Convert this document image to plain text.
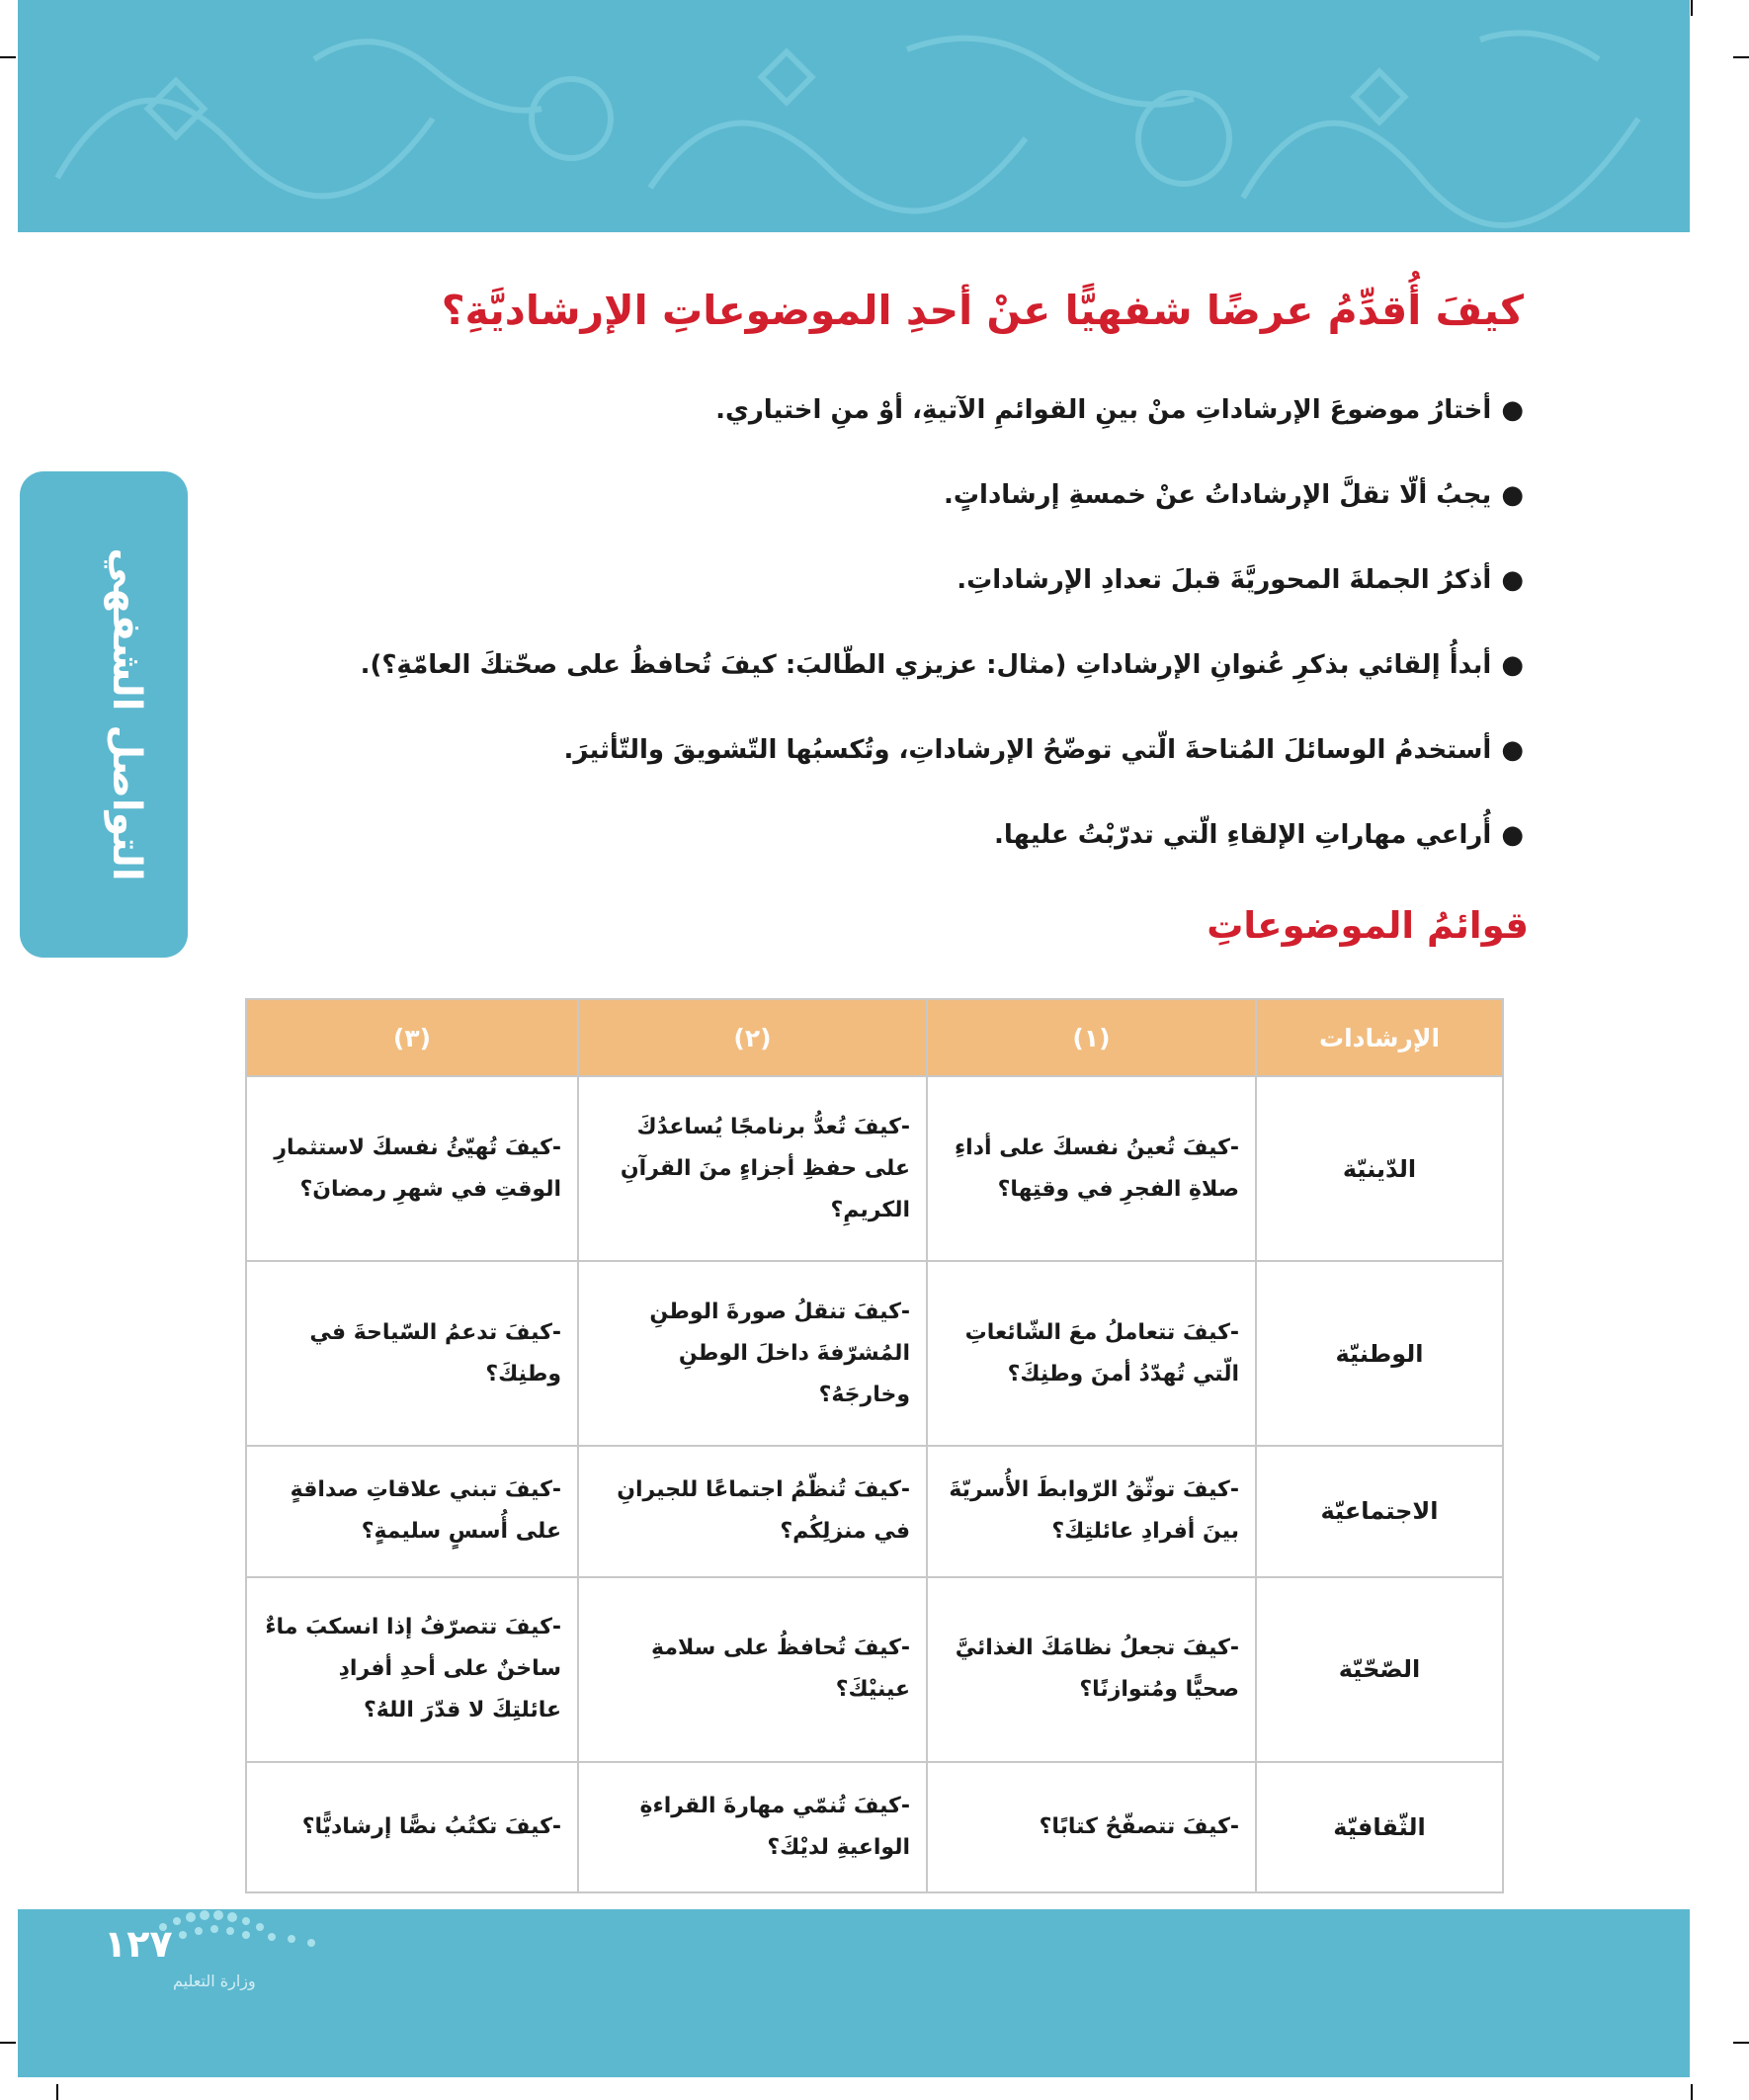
التواصل الشفهي
كيفَ أُقدِّمُ عرضًا شفهيًّا عنْ أحدِ الموضوعاتِ الإرشاديَّةِ؟
●أختارُ موضوعَ الإرشاداتِ منْ بينِ القوائمِ الآتيةِ، أوْ منِ اختياري.
●يجبُ ألّا تقلَّ الإرشاداتُ عنْ خمسةِ إرشاداتٍ.
●أذكرُ الجملةَ المحوريَّةَ قبلَ تعدادِ الإرشاداتِ.
●أبدأُ إلقائي بذكرِ عُنوانِ الإرشاداتِ (مثال: عزيزي الطّالبَ: كيفَ تُحافظُ على صحّتكَ العامّةِ؟).
●أستخدمُ الوسائلَ المُتاحةَ الّتي توضّحُ الإرشاداتِ، وتُكسبُها التّشويقَ والتّأثيرَ.
●أُراعي مهاراتِ الإلقاءِ الّتي تدرّبْتُ عليها.
قوائمُ الموضوعاتِ
الإرشادات	(١)	(٢)	(٣)
الدّينيّة	-كيفَ تُعينُ نفسكَ على أداءِ صلاةِ الفجرِ في وقتِها؟	-كيفَ تُعدُّ برنامجًا يُساعدُكَ على حفظِ أجزاءٍ منَ القرآنِ الكريمِ؟	-كيفَ تُهيّئُ نفسكَ لاستثمارِ الوقتِ في شهرِ رمضانَ؟
الوطنيّة	-كيفَ تتعاملُ معَ الشّائعاتِ الّتي تُهدّدُ أمنَ وطنِكَ؟	-كيفَ تنقلُ صورةَ الوطنِ المُشرّفةَ داخلَ الوطنِ وخارجَهُ؟	-كيفَ تدعمُ السّياحةَ في وطنِكَ؟
الاجتماعيّة	-كيفَ توثّقُ الرّوابطَ الأُسريّةَ بينَ أفرادِ عائلتِكَ؟	-كيفَ تُنظّمُ اجتماعًا للجيرانِ في منزلِكُم؟	-كيفَ تبني علاقاتِ صداقةٍ على أُسسٍ سليمةٍ؟
الصّحّيّة	-كيفَ تجعلُ نظامَكَ الغذائيَّ صحيًّا ومُتوازنًا؟	-كيفَ تُحافظُ على سلامةِ عينيْكَ؟	-كيفَ تتصرّفُ إذا انسكبَ ماءٌ ساخنٌ على أحدِ أفرادِ عائلتِكَ لا قدّرَ اللهُ؟
الثّقافيّة	-كيفَ تتصفّحُ كتابًا؟	-كيفَ تُنمّي مهارةَ القراءةِ الواعيةِ لديْكَ؟	-كيفَ تكتُبُ نصًّا إرشاديًّا؟
١٢٧
وزارة التعليم
